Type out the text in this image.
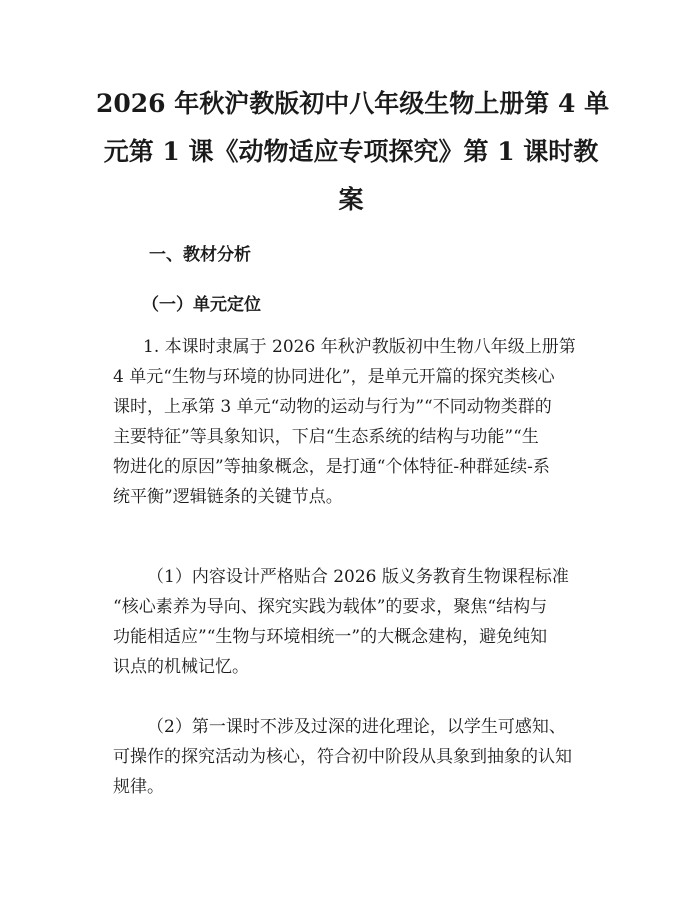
2026 年秋沪教版初中八年级生物上册第 4 单
元第 1 课《动物适应专项探究》第 1 课时教
案
一、教材分析
（一）单元定位

1. 本课时隶属于 2026 年秋沪教版初中生物八年级上册第
4 单元“生物与环境的协同进化”，是单元开篇的探究类核心
课时，上承第 3 单元“动物的运动与行为”“不同动物类群的
主要特征”等具象知识，下启“生态系统的结构与功能”“生
物进化的原因”等抽象概念，是打通“个体特征-种群延续-系
统平衡”逻辑链条的关键节点。

（1）内容设计严格贴合 2026 版义务教育生物课程标准
“核心素养为导向、探究实践为载体”的要求，聚焦“结构与
功能相适应”“生物与环境相统一”的大概念建构，避免纯知
识点的机械记忆。

（2）第一课时不涉及过深的进化理论，以学生可感知、
可操作的探究活动为核心，符合初中阶段从具象到抽象的认知
规律。
